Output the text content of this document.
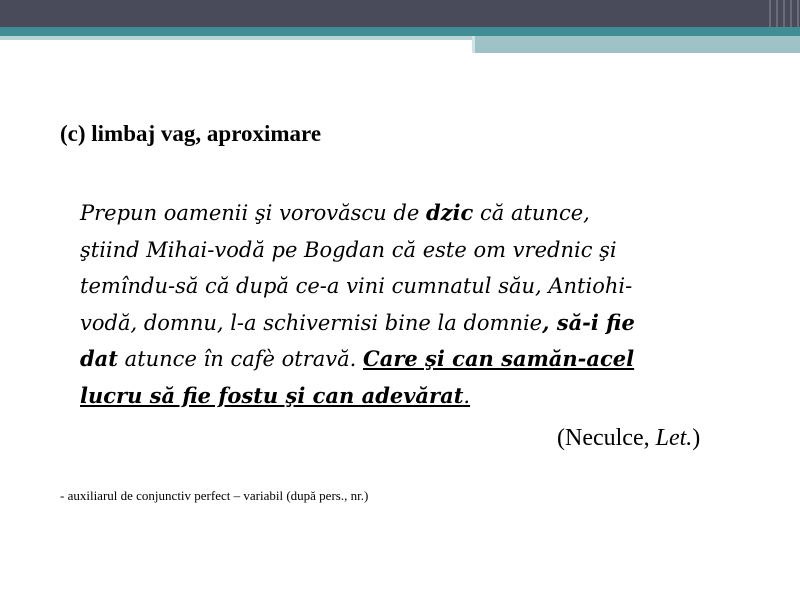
(c) limbaj vag, aproximare
Prepun oamenii şi vorovăscu de dzic că atunce,
ştiind Mihai-vodă pe Bogdan că este om vrednic şi
temîndu-să că după ce-a vini cumnatul său, Antiohi-
vodă, domnu, l-a schivernisi bine la domnie, să-i fie
dat atunce în cafè otravă. Care şi can samăn-acel
lucru să fie fostu şi can adevărat.
(Neculce, Let.)
- auxiliarul de conjunctiv perfect – variabil (după pers., nr.)
